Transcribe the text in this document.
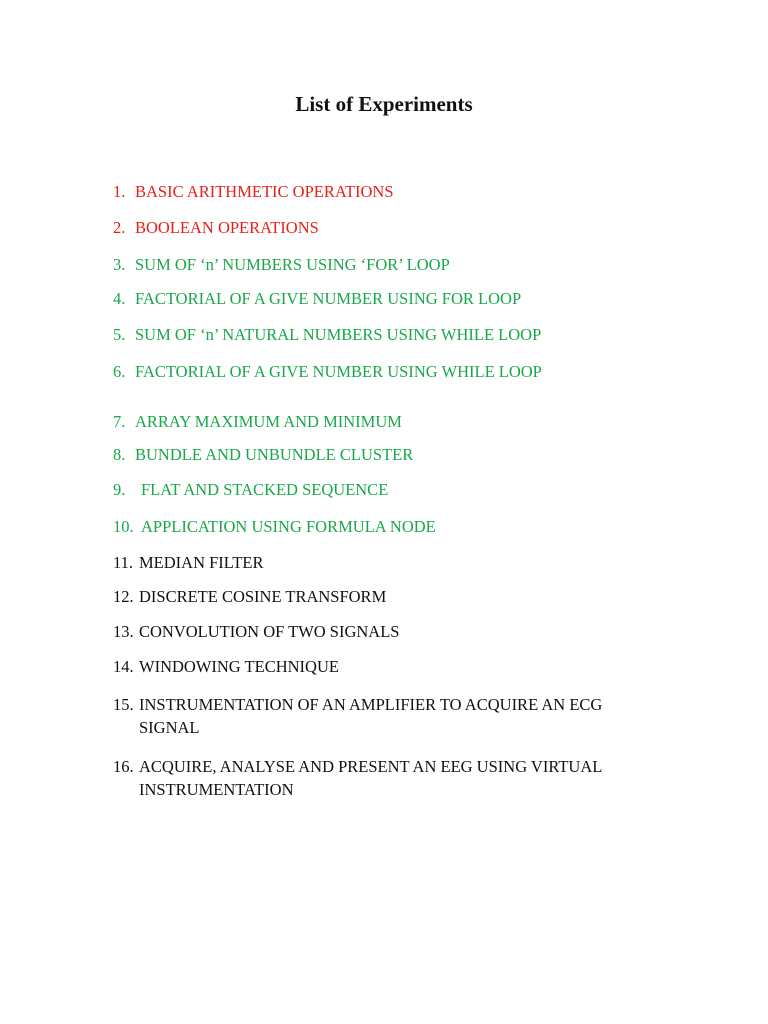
List of Experiments
1. BASIC ARITHMETIC OPERATIONS
2. BOOLEAN OPERATIONS
3. SUM OF ‘n’ NUMBERS USING ‘FOR’ LOOP
4. FACTORIAL OF A GIVE NUMBER USING FOR LOOP
5. SUM OF ‘n’ NATURAL NUMBERS USING WHILE LOOP
6. FACTORIAL OF A GIVE NUMBER USING WHILE LOOP
7. ARRAY MAXIMUM AND MINIMUM
8. BUNDLE AND UNBUNDLE CLUSTER
9. FLAT AND STACKED SEQUENCE
10. APPLICATION USING FORMULA NODE
11. MEDIAN FILTER
12. DISCRETE COSINE TRANSFORM
13. CONVOLUTION OF TWO SIGNALS
14. WINDOWING TECHNIQUE
15. INSTRUMENTATION OF AN AMPLIFIER TO ACQUIRE AN ECG
SIGNAL
16. ACQUIRE, ANALYSE AND PRESENT AN EEG USING VIRTUAL
INSTRUMENTATION
